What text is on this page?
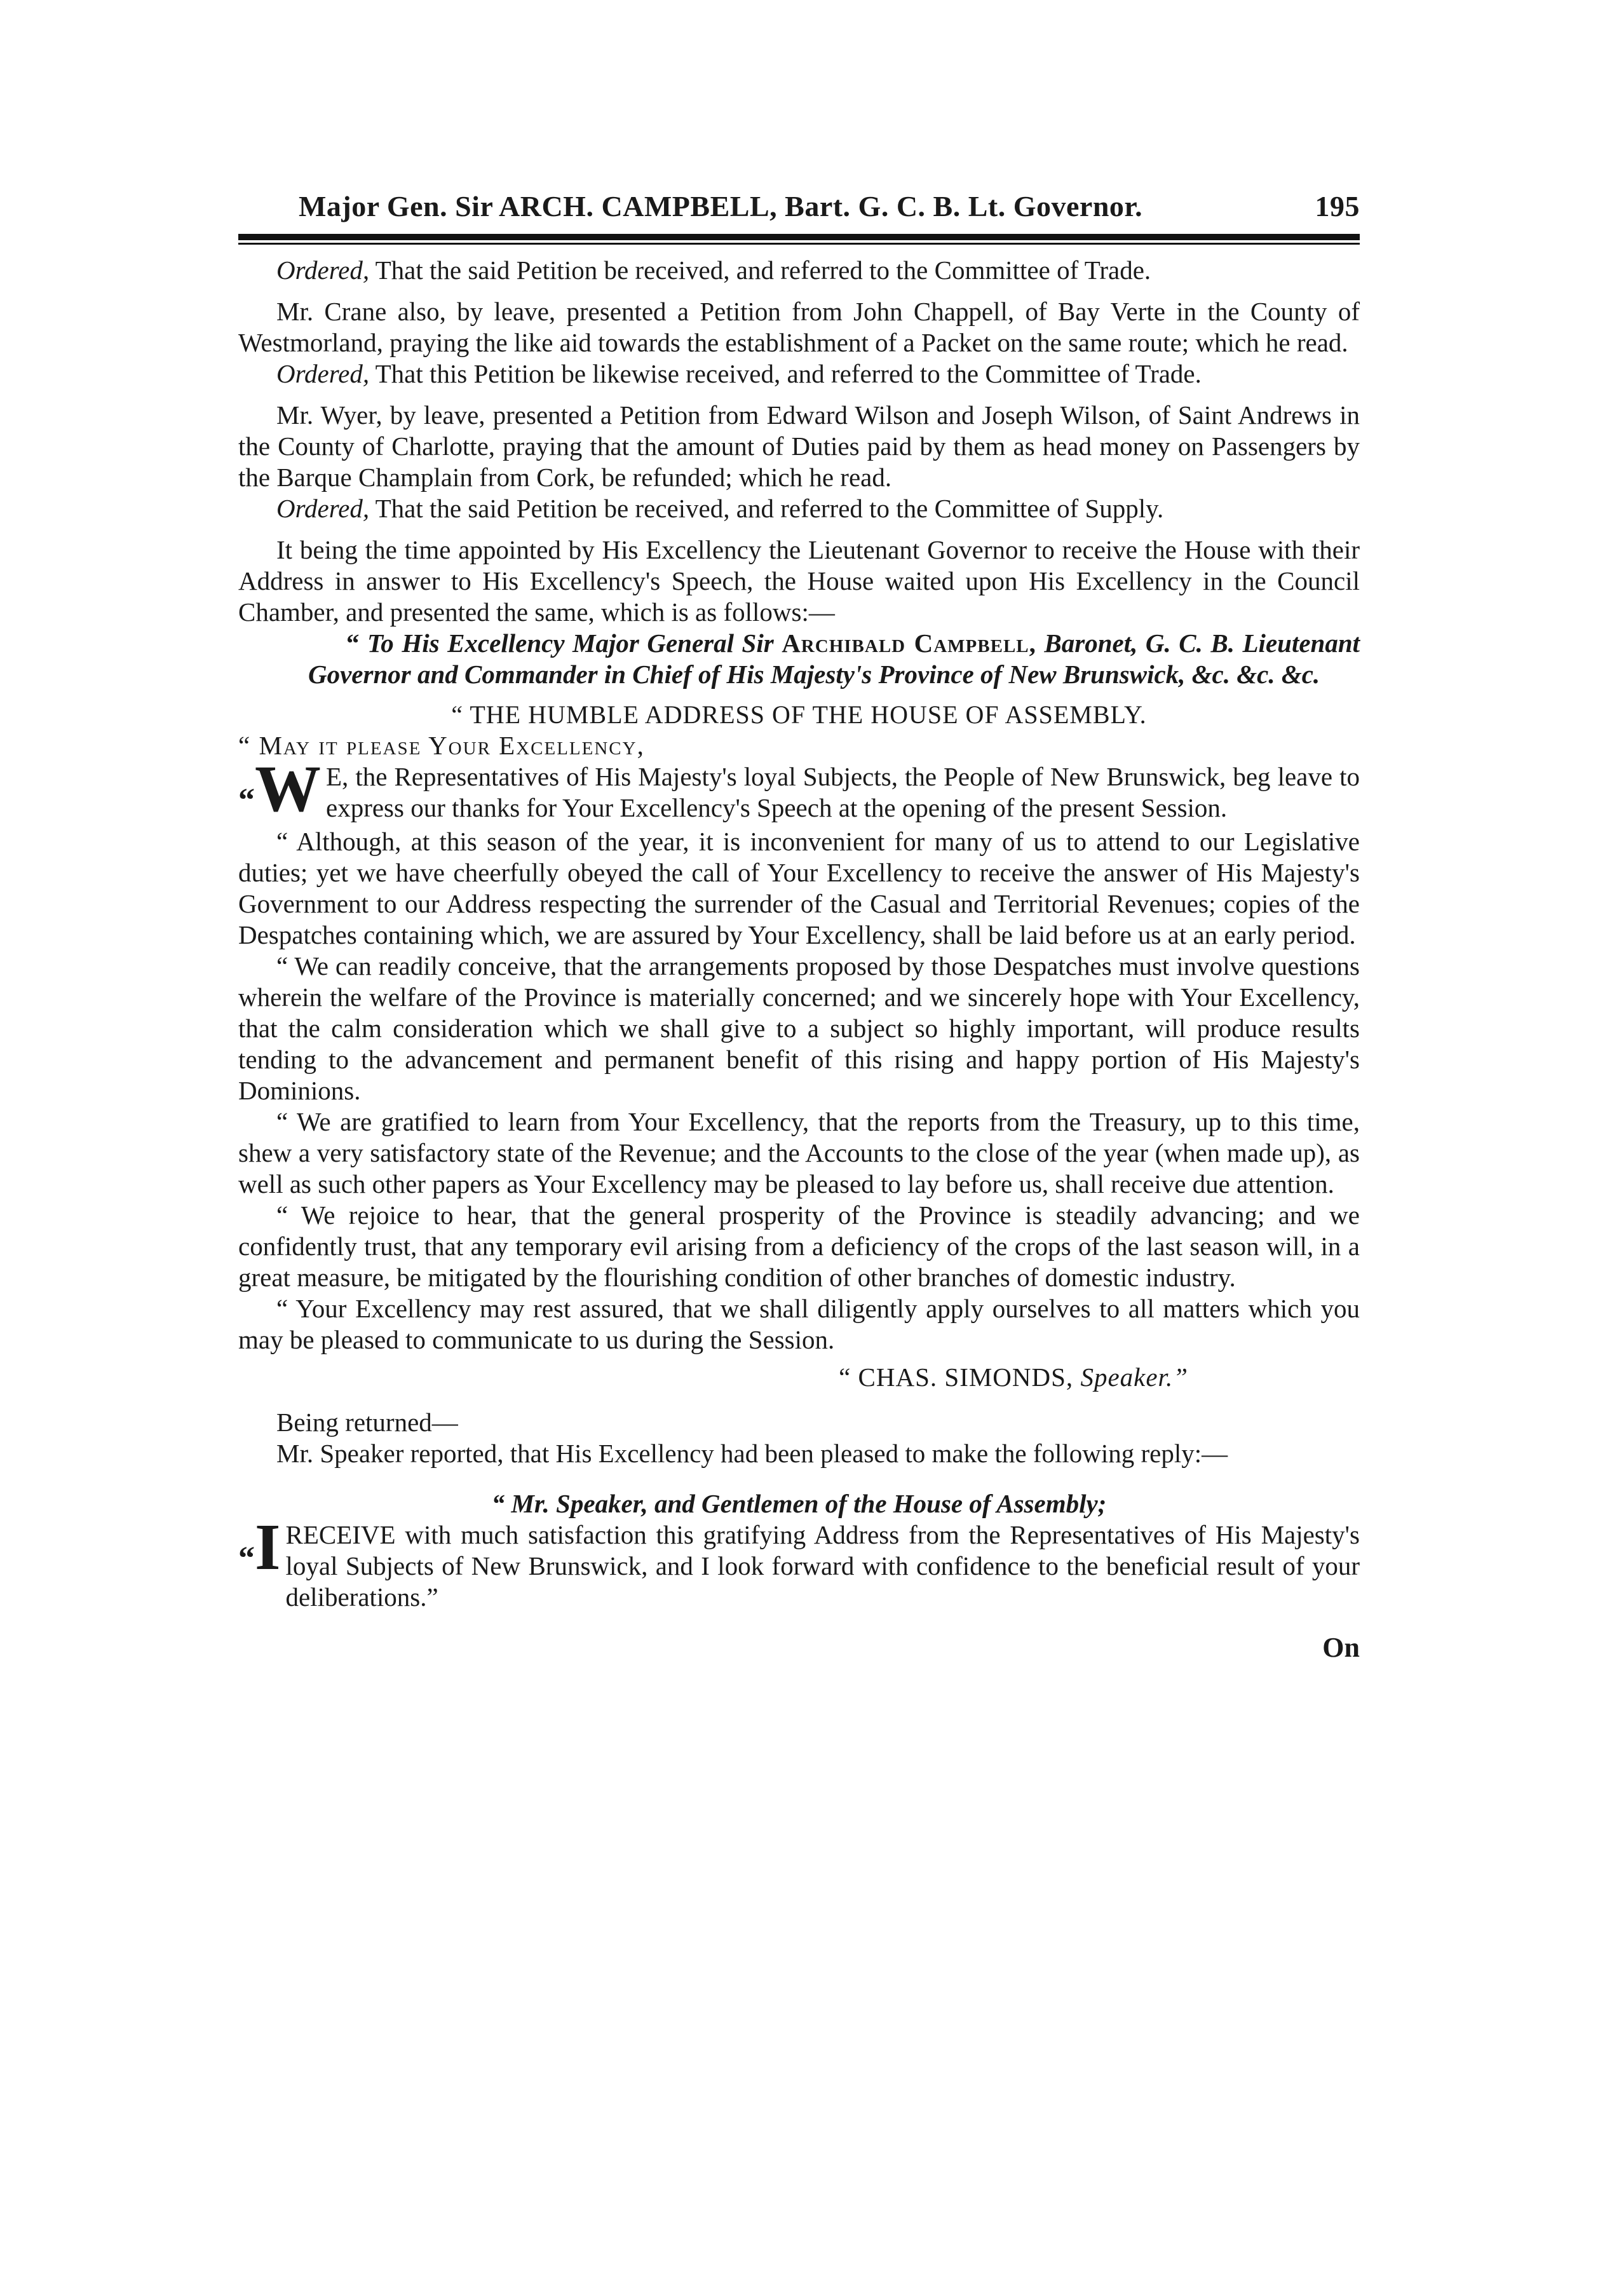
Major Gen. Sir ARCH. CAMPBELL, Bart. G. C. B. Lt. Governor.	195

Ordered, That the said Petition be received, and referred to the Committee of Trade.

Mr. Crane also, by leave, presented a Petition from John Chappell, of Bay Verte in the County of Westmorland, praying the like aid towards the establishment of a Packet on the same route; which he read.

Ordered, That this Petition be likewise received, and referred to the Committee of Trade.

Mr. Wyer, by leave, presented a Petition from Edward Wilson and Joseph Wilson, of Saint Andrews in the County of Charlotte, praying that the amount of Duties paid by them as head money on Passengers by the Barque Champlain from Cork, be refunded; which he read.

Ordered, That the said Petition be received, and referred to the Committee of Supply.

It being the time appointed by His Excellency the Lieutenant Governor to receive the House with their Address in answer to His Excellency's Speech, the House waited upon His Excellency in the Council Chamber, and presented the same, which is as follows:—

“ To His Excellency Major General Sir Archibald Campbell, Baronet, G. C. B. Lieutenant Governor and Commander in Chief of His Majesty's Province of New Brunswick, &c. &c. &c.

“ THE HUMBLE ADDRESS OF THE HOUSE OF ASSEMBLY.

“ May it please Your Excellency,

“W E, the Representatives of His Majesty's loyal Subjects, the People of New Brunswick, beg leave to express our thanks for Your Excellency's Speech at the opening of the present Session.

“ Although, at this season of the year, it is inconvenient for many of us to attend to our Legislative duties; yet we have cheerfully obeyed the call of Your Excellency to receive the answer of His Majesty's Government to our Address respecting the surrender of the Casual and Territorial Revenues; copies of the Despatches containing which, we are assured by Your Excellency, shall be laid before us at an early period.

“ We can readily conceive, that the arrangements proposed by those Despatches must involve questions wherein the welfare of the Province is materially concerned; and we sincerely hope with Your Excellency, that the calm consideration which we shall give to a subject so highly important, will produce results tending to the advancement and permanent benefit of this rising and happy portion of His Majesty's Dominions.

“ We are gratified to learn from Your Excellency, that the reports from the Treasury, up to this time, shew a very satisfactory state of the Revenue; and the Accounts to the close of the year (when made up), as well as such other papers as Your Excellency may be pleased to lay before us, shall receive due attention.

“ We rejoice to hear, that the general prosperity of the Province is steadily advancing; and we confidently trust, that any temporary evil arising from a deficiency of the crops of the last season will, in a great measure, be mitigated by the flourishing condition of other branches of domestic industry.

“ Your Excellency may rest assured, that we shall diligently apply ourselves to all matters which you may be pleased to communicate to us during the Session.

“ CHAS. SIMONDS, Speaker.”

Being returned—

Mr. Speaker reported, that His Excellency had been pleased to make the following reply:—

“ Mr. Speaker, and Gentlemen of the House of Assembly;

“I RECEIVE with much satisfaction this gratifying Address from the Representatives of His Majesty's loyal Subjects of New Brunswick, and I look forward with confidence to the beneficial result of your deliberations.”

On
